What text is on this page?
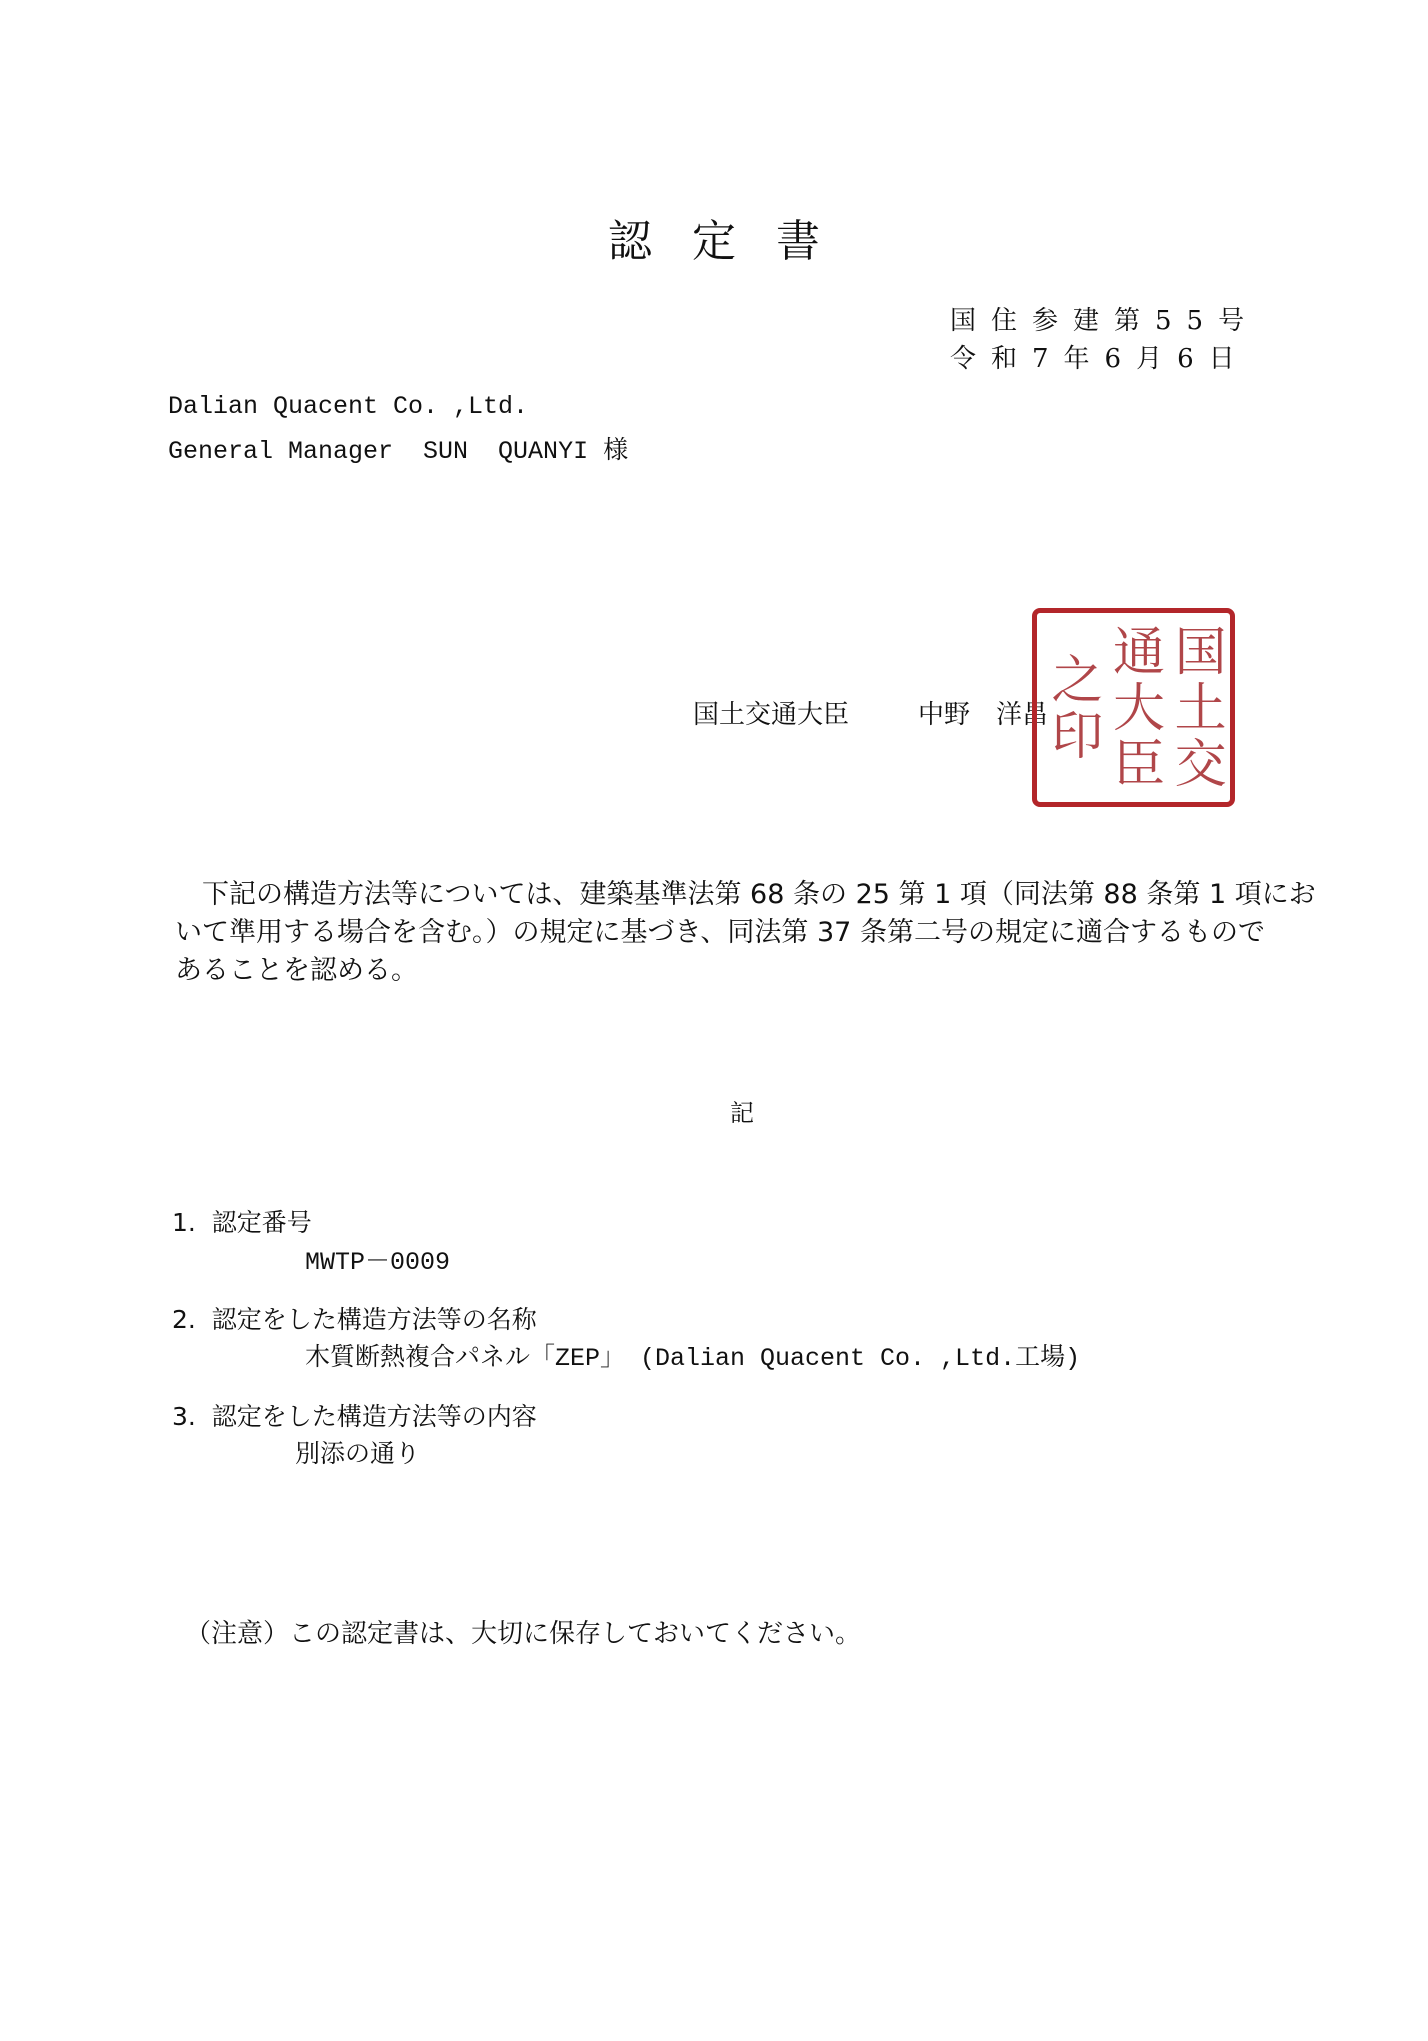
認定書
国住参建第55号
令和7年6月6日
Dalian Quacent Co. ,Ltd.
General Manager  SUN  QUANYI 様
国土交通大臣	中野　洋昌 国土交
通大臣
之印
　下記の構造方法等については、建築基準法第 68 条の 25 第 1 項（同法第 88 条第 1 項にお
いて準用する場合を含む。）の規定に基づき、同法第 37 条第二号の規定に適合するもので
あることを認める。
記
1.  認定番号
MWTP－0009
2.  認定をした構造方法等の名称
木質断熱複合パネル「ZEP」 (Dalian Quacent Co. ,Ltd.工場)
3.  認定をした構造方法等の内容
別添の通り
（注意）この認定書は、大切に保存しておいてください。
